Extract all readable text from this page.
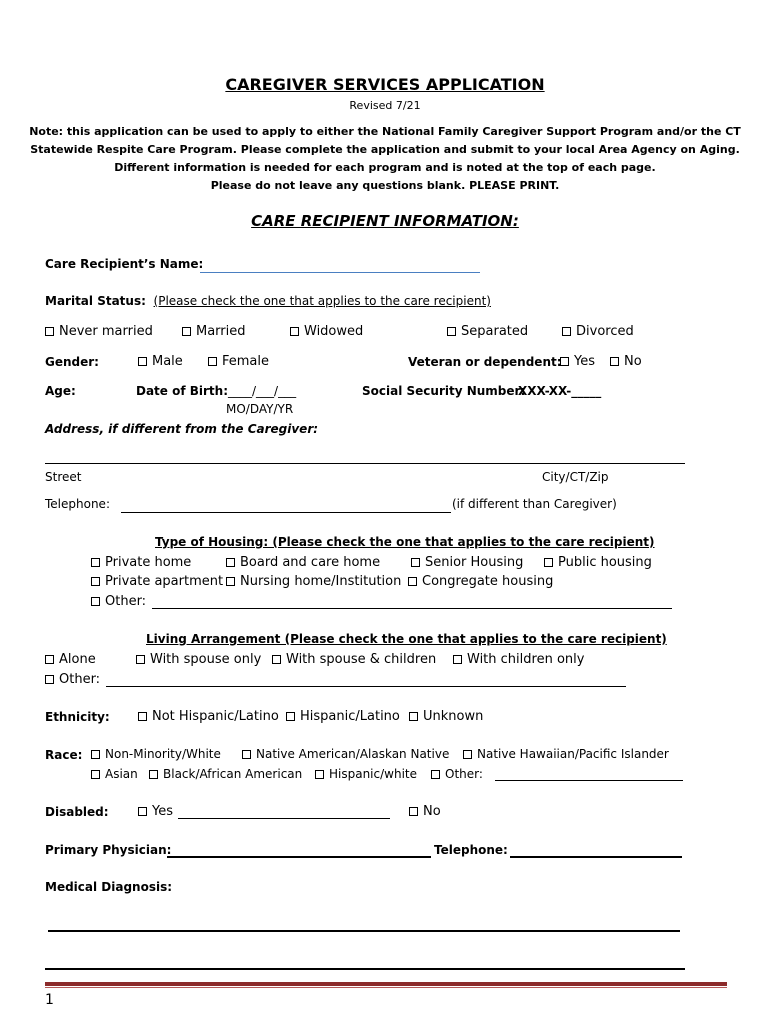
CAREGIVER SERVICES APPLICATION
Revised 7/21
Note: this application can be used to apply to either the National Family Caregiver Support Program and/or the CT
Statewide Respite Care Program. Please complete the application and submit to your local Area Agency on Aging.
Different information is needed for each program and is noted at the top of each page.
Please do not leave any questions blank. PLEASE PRINT.
CARE RECIPIENT INFORMATION:
Care Recipient’s Name:
Marital Status: (Please check the one that applies to the care recipient)
Never married	Married	Widowed	Separated	Divorced
Gender:	Male	Female	Veteran or dependent: Yes	No
Age:	Date of Birth: ____/___/___
MO/DAY/YR
Social Security Number:
XXX-XX-_____
Address, if different from the Caregiver:
Street	City/CT/Zip
Telephone:	(if different than Caregiver)
Type of Housing: (Please check the one that applies to the care recipient)
Private home	Board and care home	Senior Housing	Public housing
Private apartment	Nursing home/Institution	Congregate housing
Other:
Living Arrangement (Please check the one that applies to the care recipient)
Alone	With spouse only	With spouse & children	With children only
Other:
Ethnicity:	Not Hispanic/Latino	Hispanic/Latino	Unknown
Race:	Non-Minority/White	Native American/Alaskan Native	Native Hawaiian/Pacific Islander
Asian	Black/African American	Hispanic/white	Other:
Disabled:	Yes	No
Primary Physician:	Telephone:
Medical Diagnosis:
1
